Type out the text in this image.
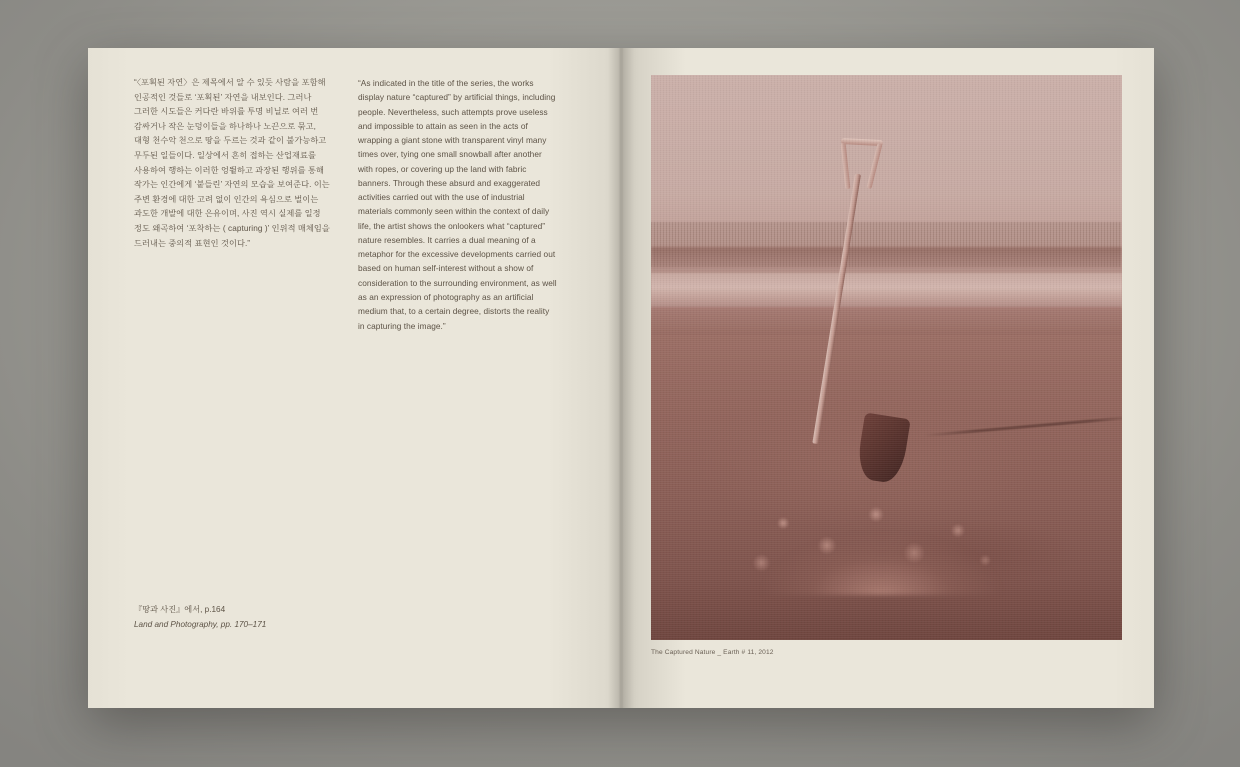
“〈포획된 자연〉은 제목에서 알 수 있듯 사람을 포함해 인공적인 것들로 ‘포획된’ 자연을 내보인다. 그러나 그러한 시도들은 커다란 바위를 투명 비닐로 여러 번 감싸거나 작은 눈덩이들을 하나하나 노끈으로 묶고, 대형 천수악 천으로 땅을 두르는 것과 같이 불가능하고 무두된 일들이다. 일상에서 흔히 접하는 산업재료를 사용하여 행하는 이러한 엉뜉하고 과장된 행위를 통해 작가는 인간에게 ‘붙들린’ 자연의 모습을 보여준다. 이는 주변 환경에 대한 고려 없이 인간의 욕심으로 벌이는 과도한 개발에 대한 은유이며, 사진 역시 실제를 일정 정도 왜곡하여 ‘포착하는 ( capturing )’ 인위적 매체임을 드러내는 중의적 표현인 것이다.”

“As indicated in the title of the series, the works display nature “captured” by artificial things, including people. Nevertheless, such attempts prove useless and impossible to attain as seen in the acts of wrapping a giant stone with transparent vinyl many times over, tying one small snowball after another with ropes, or covering up the land with fabric banners. Through these absurd and exaggerated activities carried out with the use of industrial materials commonly seen within the context of daily life, the artist shows the onlookers what “captured” nature resembles. It carries a dual meaning of a metaphor for the excessive developments carried out based on human self-interest without a show of consideration to the surrounding environment, as well as an expression of photography as an artificial medium that, to a certain degree, distorts the reality in capturing the image.”

『땅과 사진』에서, p.164
Land and Photography, pp. 170–171
The Captured Nature _ Earth # 11, 2012
